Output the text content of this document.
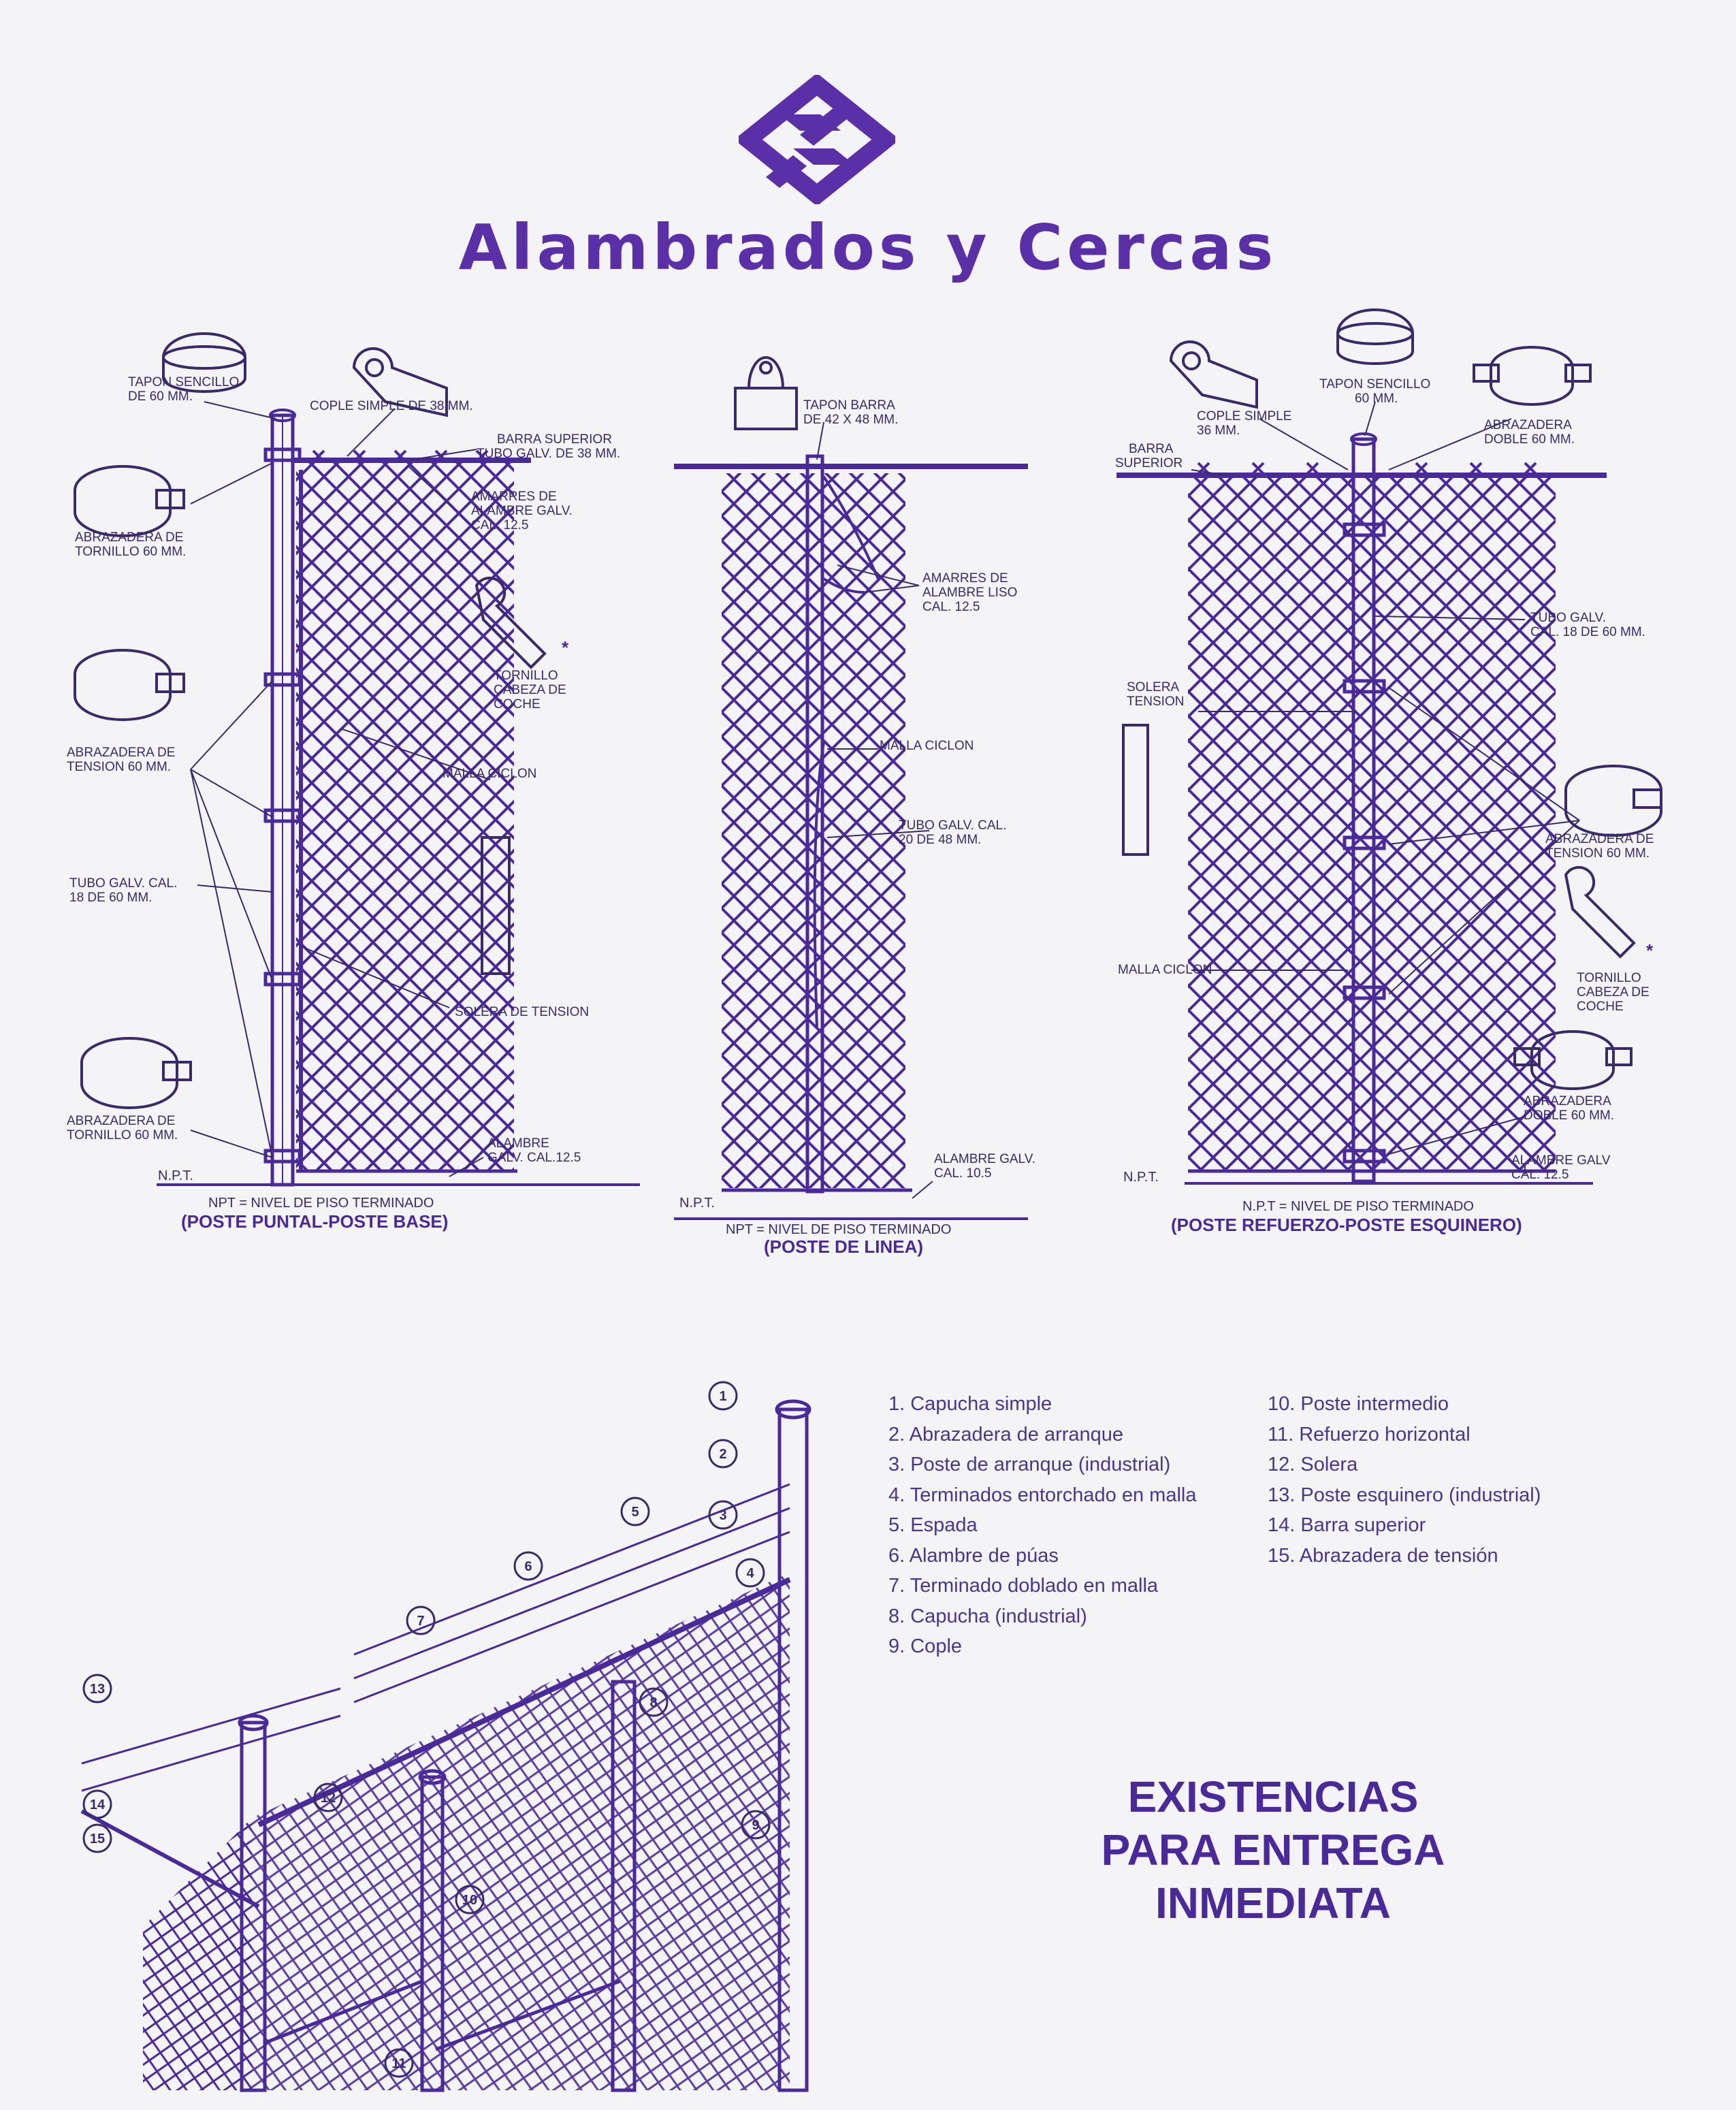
Alambrados y Cercas
*
TAPON SENCILLO
DE 60 MM.
COPLE SIMPLE DE 38 MM.
BARRA SUPERIOR
TUBO GALV. DE 38 MM.
AMARRES DE
ALAMBRE GALV.
CAL. 12.5
ABRAZADERA DE
TORNILLO 60 MM.
TORNILLO
CABEZA DE
COCHE
ABRAZADERA DE
TENSION 60 MM.	MALLA CICLON
TUBO GALV. CAL.
18 DE 60 MM.
SOLERA DE TENSION
ABRAZADERA DE
TORNILLO 60 MM.
ALAMBRE
GALV. CAL.12.5
N.P.T.
NPT = NIVEL DE PISO TERMINADO
(POSTE PUNTAL-POSTE BASE)
TAPON BARRA
DE 42 X 48 MM.
AMARRES DE
ALAMBRE LISO
CAL. 12.5
MALLA CICLON
TUBO GALV. CAL.
20 DE 48 MM.
ALAMBRE GALV.
CAL. 10.5
N.P.T.
NPT = NIVEL DE PISO TERMINADO
(POSTE DE LINEA)
*
COPLE SIMPLE
36 MM.
TAPON SENCILLO
60 MM.
ABRAZADERA
DOBLE 60 MM.
BARRA
SUPERIOR
TUBO GALV.
CAL. 18 DE 60 MM.
SOLERA
TENSION
ABRAZADERA DE
TENSION 60 MM.
MALLA CICLON
TORNILLO
CABEZA DE
COCHE
ABRAZADERA
DOBLE 60 MM.
ALAMBRE GALV
CAL. 12.5
N.P.T.
N.P.T = NIVEL DE PISO TERMINADO
(POSTE REFUERZO-POSTE ESQUINERO)
1
2
3
4
5
6
7
8
9
10
11
12
13
14
15
1. Capucha simple
2. Abrazadera de arranque
3. Poste de arranque (industrial)
4. Terminados entorchado en malla
5. Espada
6. Alambre de púas
7. Terminado doblado en malla
8. Capucha (industrial)
9. Cople
10. Poste intermedio
11. Refuerzo horizontal
12. Solera
13. Poste esquinero (industrial)
14. Barra superior
15. Abrazadera de tensión
EXISTENCIAS
PARA ENTREGA
INMEDIATA
